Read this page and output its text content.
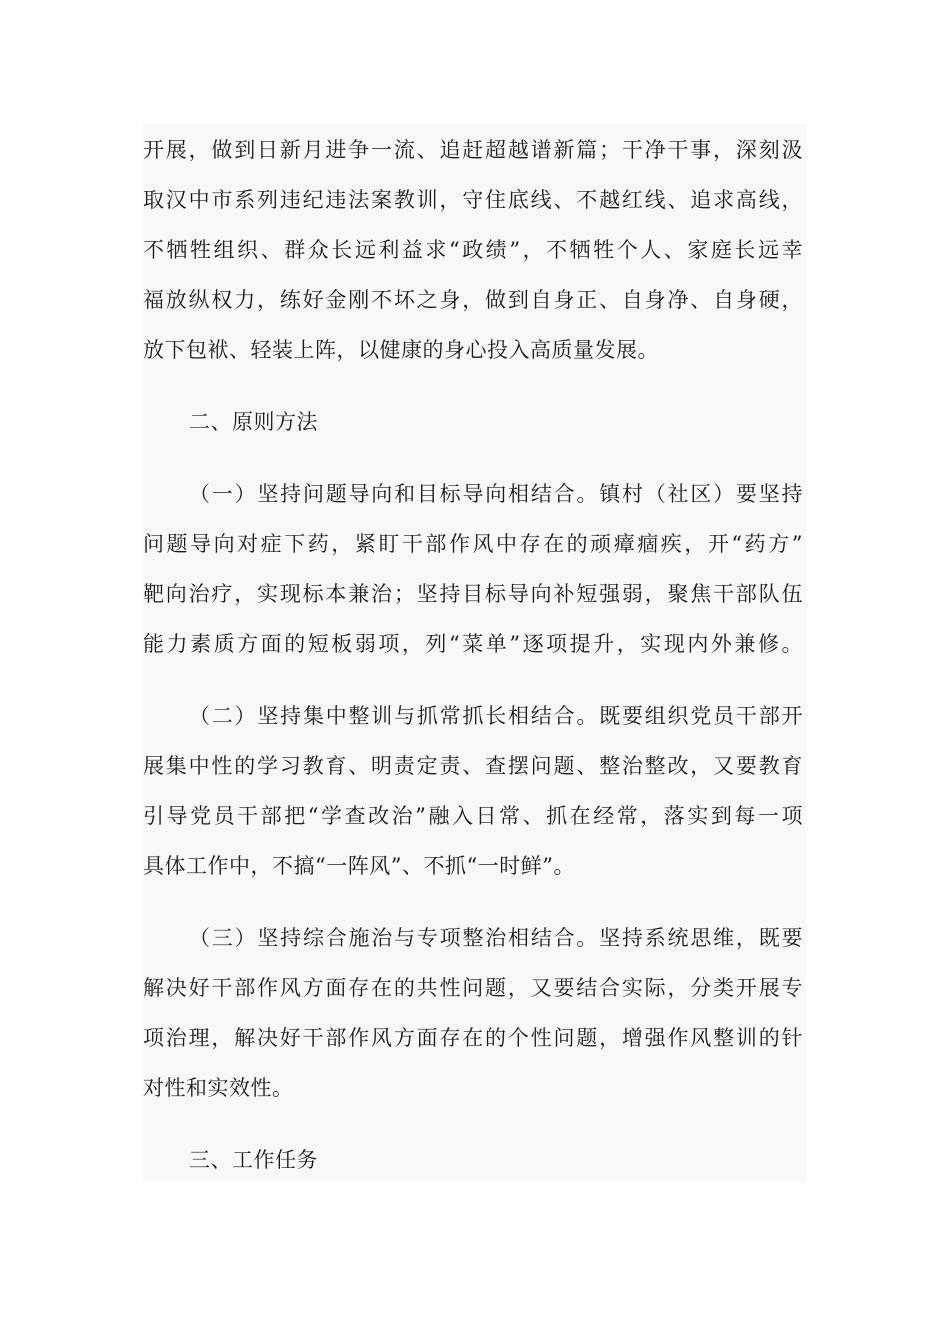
开展，做到日新月进争一流、追赶超越谱新篇；干净干事，深刻汲
取汉中市系列违纪违法案教训，守住底线、不越红线、追求高线，
不牺牲组织、群众长远利益求“政绩”，不牺牲个人、家庭长远幸
福放纵权力，练好金刚不坏之身，做到自身正、自身净、自身硬，
放下包袱、轻装上阵，以健康的身心投入高质量发展。
二、原则方法
（一）坚持问题导向和目标导向相结合。镇村（社区）要坚持
问题导向对症下药，紧盯干部作风中存在的顽瘴痼疾，开“药方”
靶向治疗，实现标本兼治；坚持目标导向补短强弱，聚焦干部队伍
能力素质方面的短板弱项，列“菜单”逐项提升，实现内外兼修。
（二）坚持集中整训与抓常抓长相结合。既要组织党员干部开
展集中性的学习教育、明责定责、查摆问题、整治整改，又要教育
引导党员干部把“学查改治”融入日常、抓在经常，落实到每一项
具体工作中，不搞“一阵风”、不抓“一时鲜”。
（三）坚持综合施治与专项整治相结合。坚持系统思维，既要
解决好干部作风方面存在的共性问题，又要结合实际，分类开展专
项治理，解决好干部作风方面存在的个性问题，增强作风整训的针
对性和实效性。
三、工作任务
